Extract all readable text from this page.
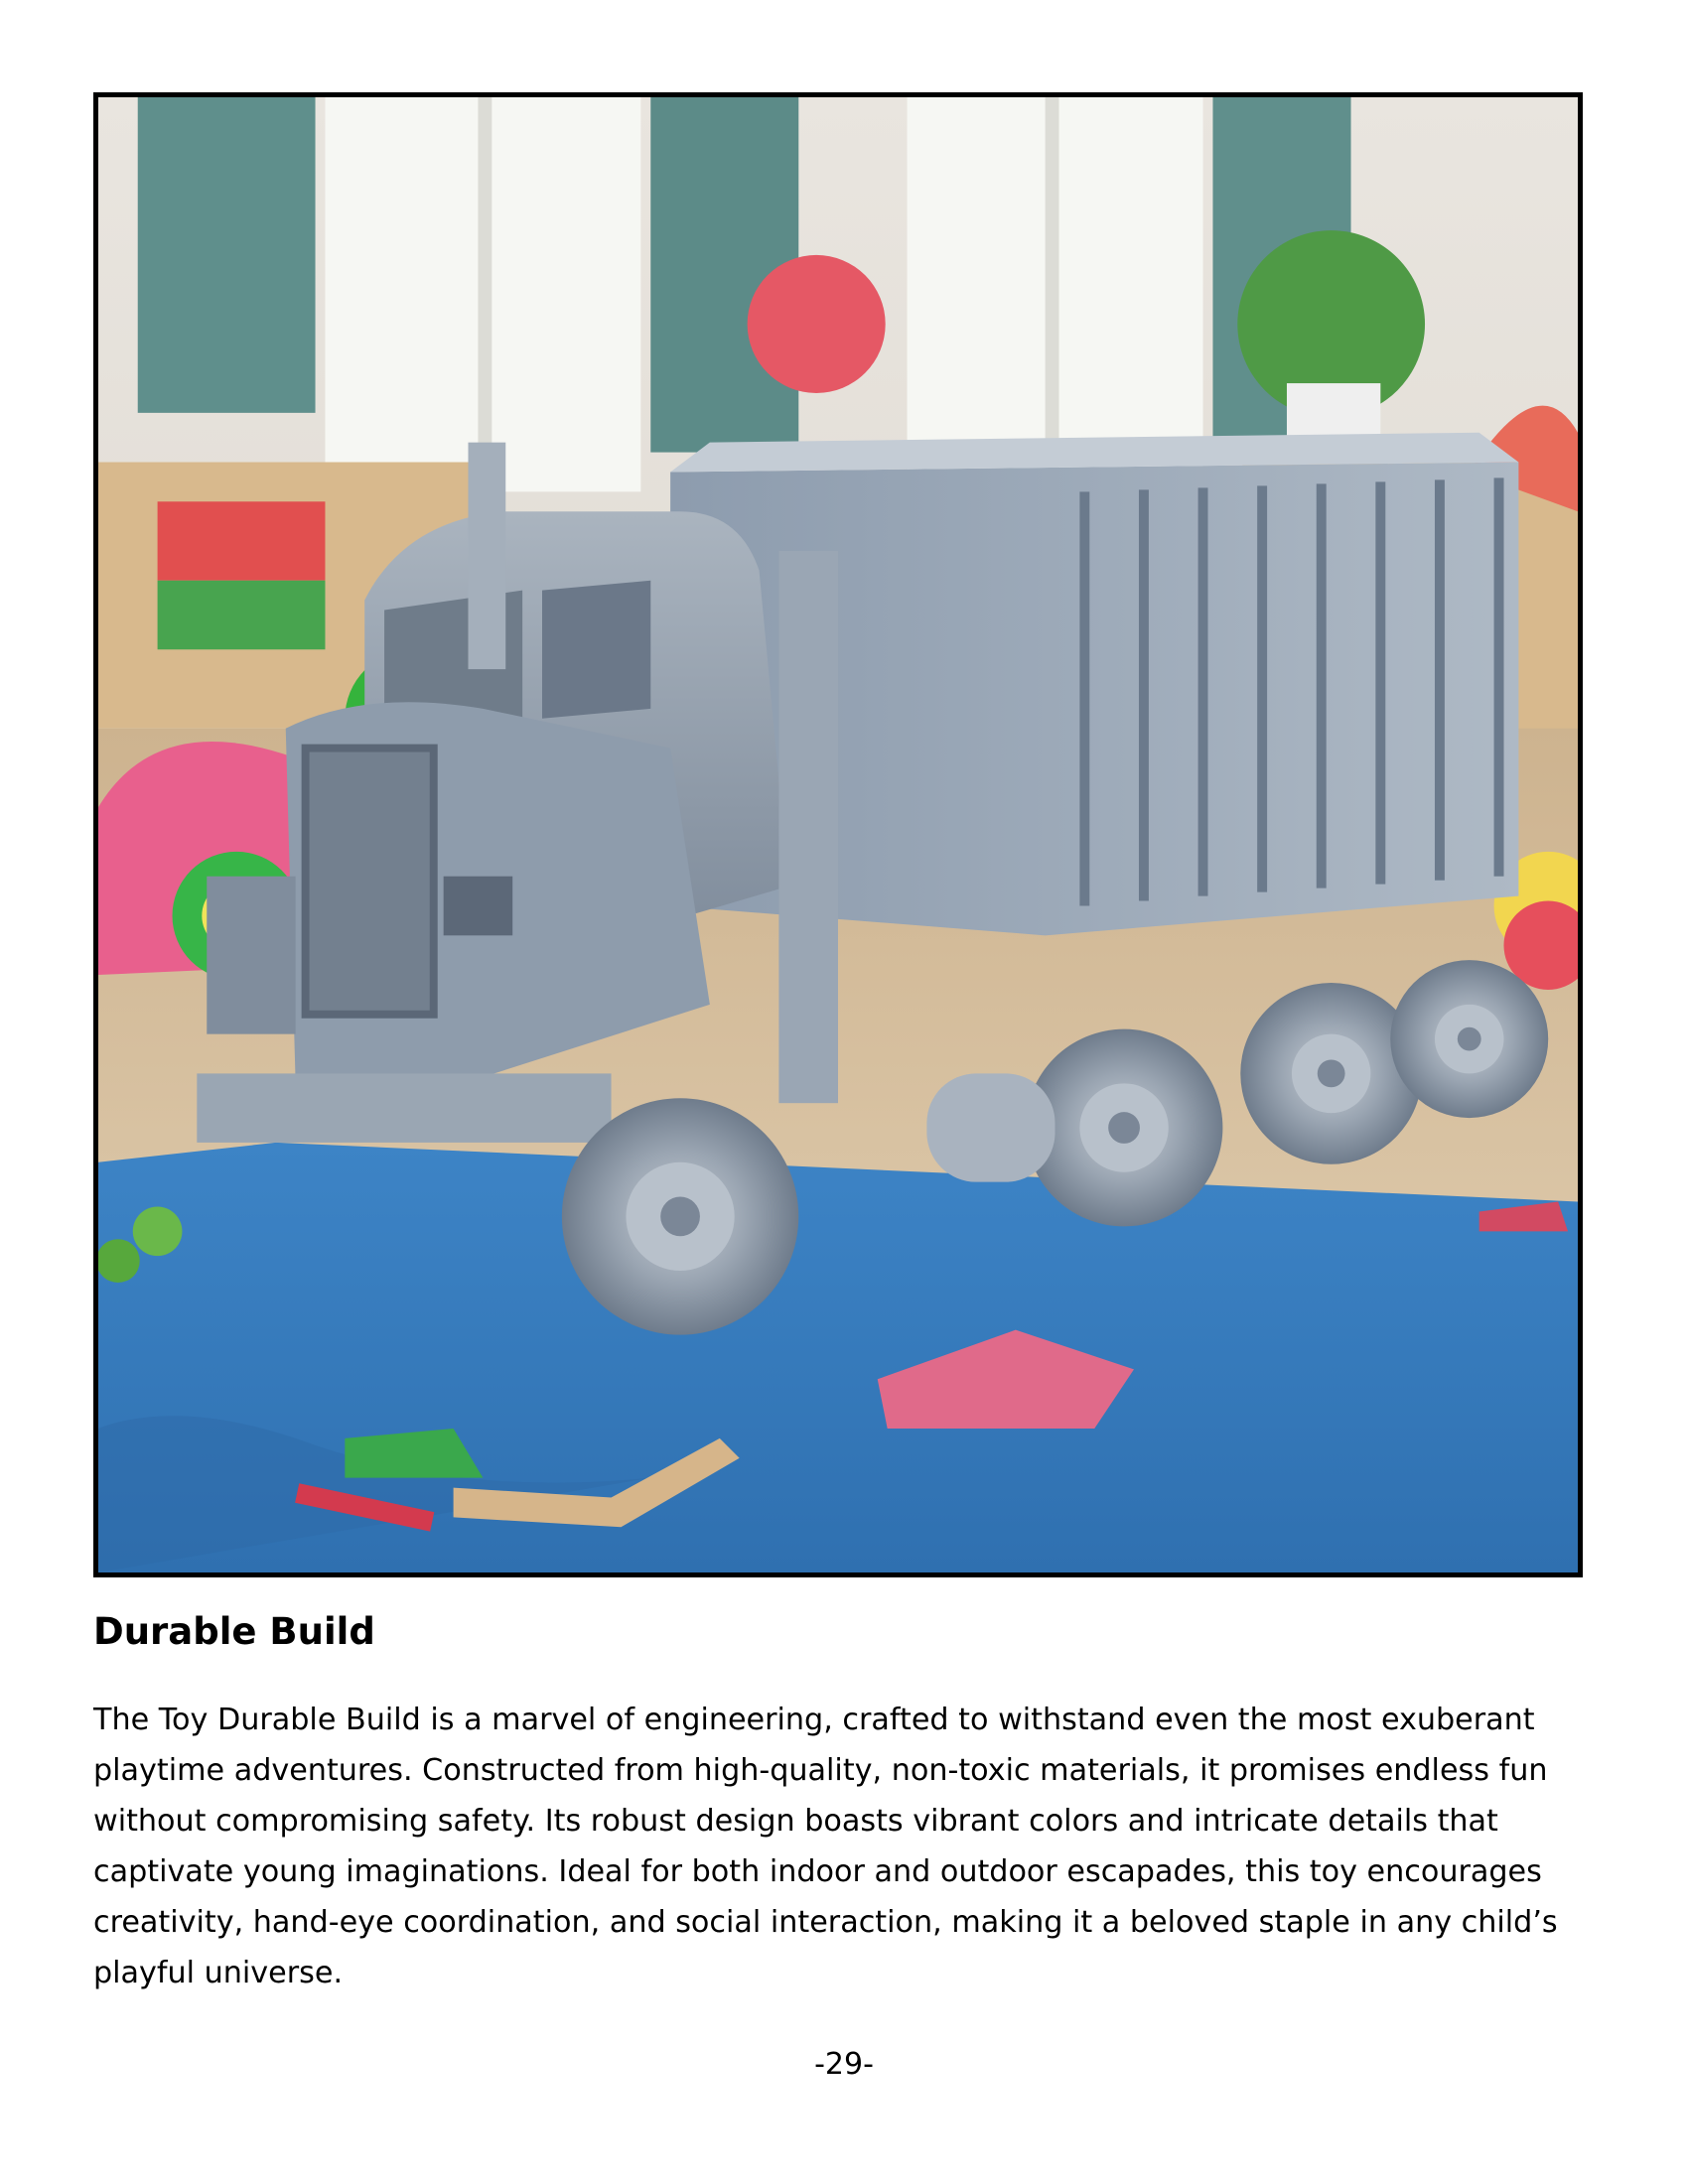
Durable Build
The Toy Durable Build is a marvel of engineering, crafted to withstand even the most exuberant
playtime adventures. Constructed from high-quality, non-toxic materials, it promises endless fun
without compromising safety. Its robust design boasts vibrant colors and intricate details that
captivate young imaginations. Ideal for both indoor and outdoor escapades, this toy encourages
creativity, hand-eye coordination, and social interaction, making it a beloved staple in any child’s
playful universe.
-29-
